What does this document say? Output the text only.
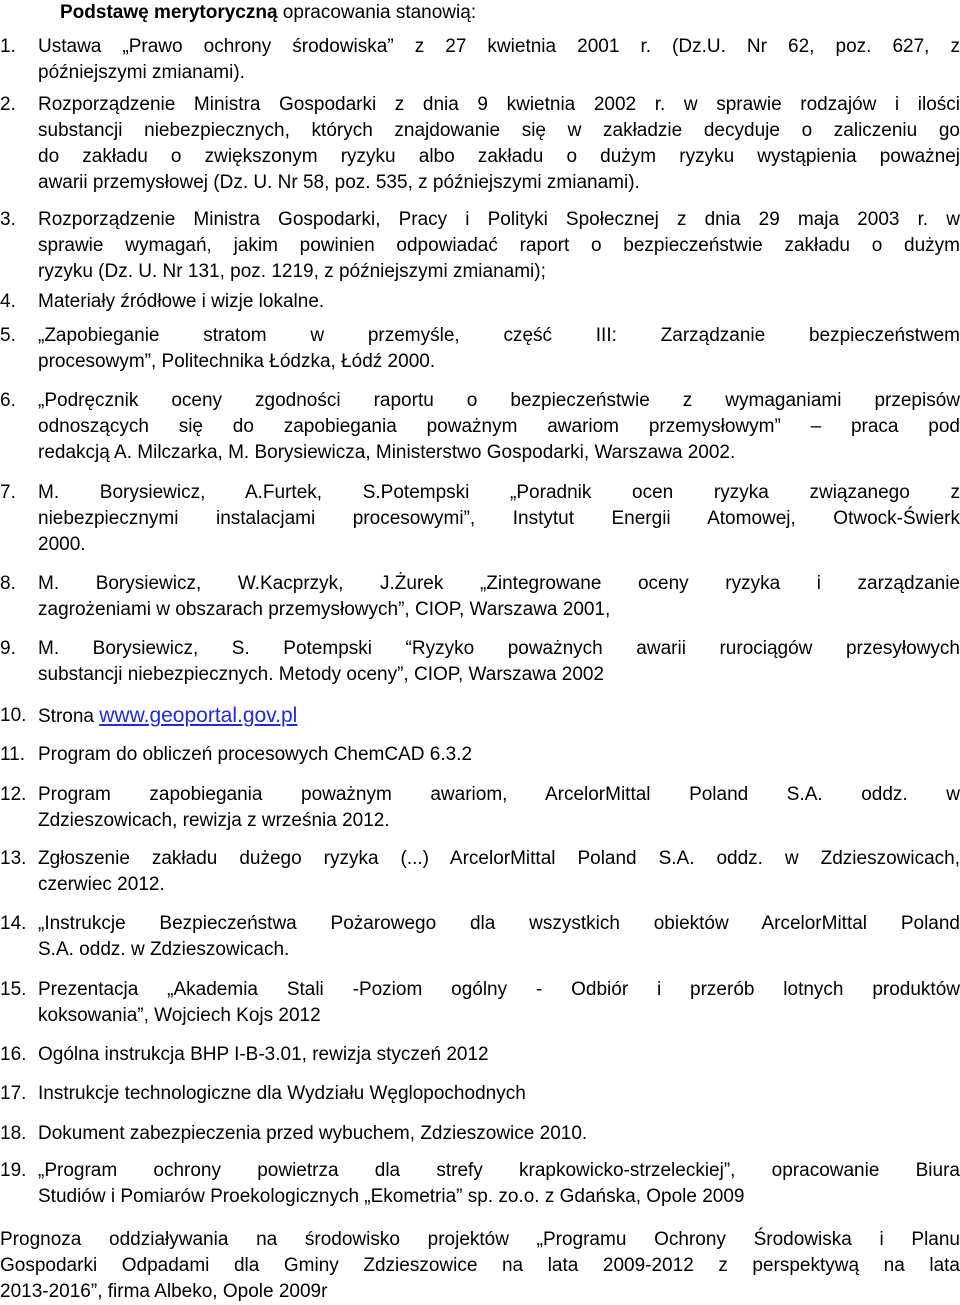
Podstawę merytoryczną opracowania stanowią:
1. Ustawa „Prawo ochrony środowiska” z 27 kwietnia 2001 r. (Dz.U. Nr 62, poz. 627, z
późniejszymi zmianami).
2. Rozporządzenie Ministra Gospodarki z dnia 9 kwietnia 2002 r. w sprawie rodzajów i ilości
substancji niebezpiecznych, których znajdowanie się w zakładzie decyduje o zaliczeniu go
do zakładu o zwiększonym ryzyku albo zakładu o dużym ryzyku wystąpienia poważnej
awarii przemysłowej (Dz. U. Nr 58, poz. 535, z późniejszymi zmianami).
3. Rozporządzenie Ministra Gospodarki, Pracy i Polityki Społecznej z dnia 29 maja 2003 r. w
sprawie wymagań, jakim powinien odpowiadać raport o bezpieczeństwie zakładu o dużym
ryzyku (Dz. U. Nr 131, poz. 1219, z późniejszymi zmianami);
4. Materiały źródłowe i wizje lokalne.
5. „Zapobieganie stratom w przemyśle, część III: Zarządzanie bezpieczeństwem
procesowym”, Politechnika Łódzka, Łódź 2000.
6. „Podręcznik oceny zgodności raportu o bezpieczeństwie z wymaganiami przepisów
odnoszących się do zapobiegania poważnym awariom przemysłowym” – praca pod
redakcją A. Milczarka, M. Borysiewicza, Ministerstwo Gospodarki, Warszawa 2002.
7. M. Borysiewicz, A.Furtek, S.Potempski „Poradnik ocen ryzyka związanego z
niebezpiecznymi instalacjami procesowymi”, Instytut Energii Atomowej, Otwock-Świerk
2000.
8. M. Borysiewicz, W.Kacprzyk, J.Żurek „Zintegrowane oceny ryzyka i zarządzanie
zagrożeniami w obszarach przemysłowych”, CIOP, Warszawa 2001,
9. M. Borysiewicz, S. Potempski “Ryzyko poważnych awarii rurociągów przesyłowych
substancji niebezpiecznych. Metody oceny”, CIOP, Warszawa 2002
10. Strona www.geoportal.gov.pl
11. Program do obliczeń procesowych ChemCAD 6.3.2
12. Program zapobiegania poważnym awariom, ArcelorMittal Poland S.A. oddz. w
Zdzieszowicach, rewizja z września 2012.
13. Zgłoszenie zakładu dużego ryzyka (...) ArcelorMittal Poland S.A. oddz. w Zdzieszowicach,
czerwiec 2012.
14. „Instrukcje Bezpieczeństwa Pożarowego dla wszystkich obiektów ArcelorMittal Poland
S.A. oddz. w Zdzieszowicach.
15. Prezentacja „Akademia Stali -Poziom ogólny - Odbiór i przerób lotnych produktów
koksowania”, Wojciech Kojs 2012
16. Ogólna instrukcja BHP I-B-3.01, rewizja styczeń 2012
17. Instrukcje technologiczne dla Wydziału Węglopochodnych
18. Dokument zabezpieczenia przed wybuchem, Zdzieszowice 2010.
19. „Program ochrony powietrza dla strefy krapkowicko-strzeleckiej”, opracowanie Biura
Studiów i Pomiarów Proekologicznych „Ekometria” sp. zo.o. z Gdańska, Opole 2009
Prognoza oddziaływania na środowisko projektów „Programu Ochrony Środowiska i Planu
Gospodarki Odpadami dla Gminy Zdzieszowice na lata 2009-2012 z perspektywą na lata
2013-2016”, firma Albeko, Opole 2009r
